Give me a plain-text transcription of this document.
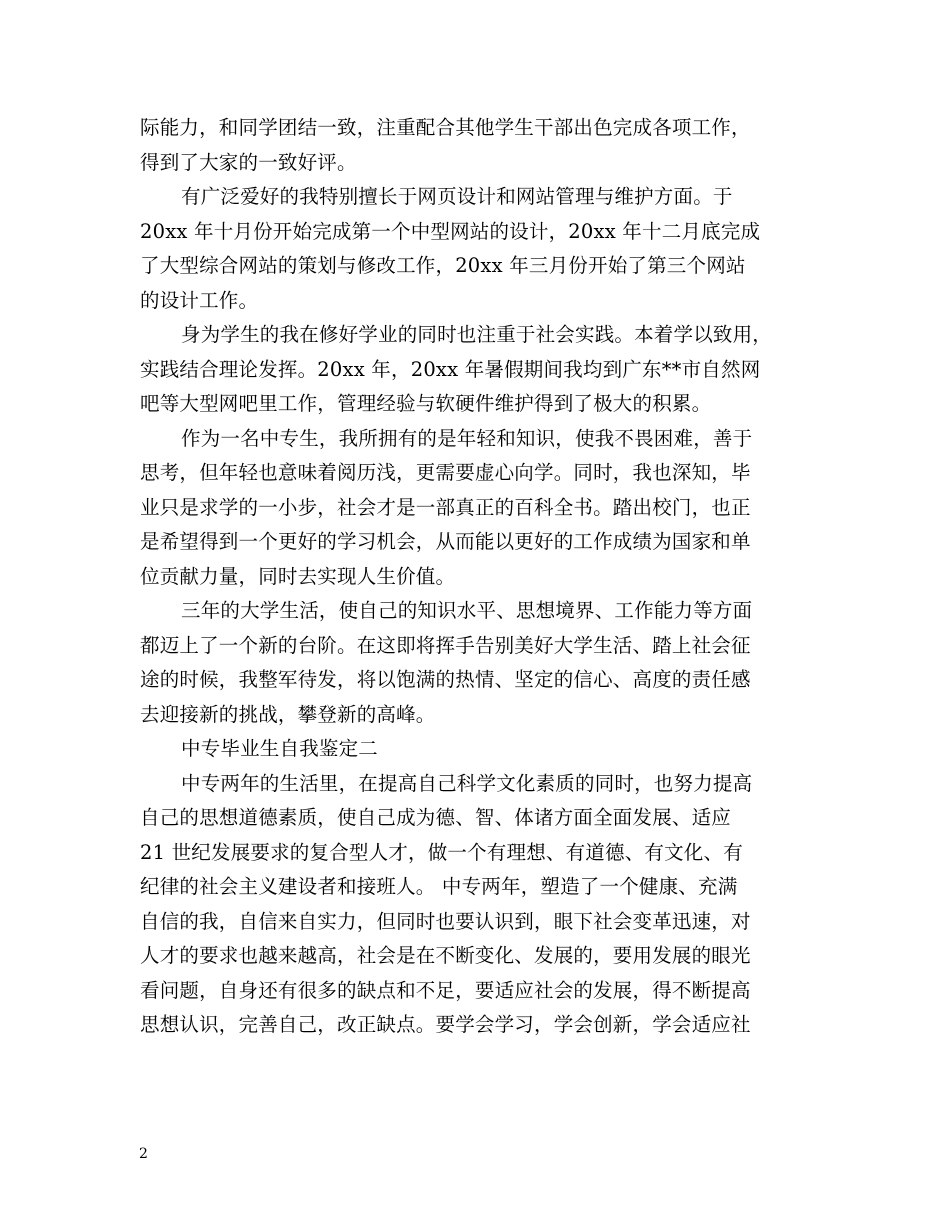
际能力，和同学团结一致，注重配合其他学生干部出色完成各项工作，
得到了大家的一致好评。
有广泛爱好的我特别擅长于网页设计和网站管理与维护方面。于
20xx 年十月份开始完成第一个中型网站的设计，20xx 年十二月底完成
了大型综合网站的策划与修改工作，20xx 年三月份开始了第三个网站
的设计工作。
身为学生的我在修好学业的同时也注重于社会实践。本着学以致用，
实践结合理论发挥。20xx 年，20xx 年暑假期间我均到广东**市自然网
吧等大型网吧里工作，管理经验与软硬件维护得到了极大的积累。
作为一名中专生，我所拥有的是年轻和知识，使我不畏困难，善于
思考，但年轻也意味着阅历浅，更需要虚心向学。同时，我也深知，毕
业只是求学的一小步，社会才是一部真正的百科全书。踏出校门，也正
是希望得到一个更好的学习机会，从而能以更好的工作成绩为国家和单
位贡献力量，同时去实现人生价值。
三年的大学生活，使自己的知识水平、思想境界、工作能力等方面
都迈上了一个新的台阶。在这即将挥手告别美好大学生活、踏上社会征
途的时候，我整军待发，将以饱满的热情、坚定的信心、高度的责任感
去迎接新的挑战，攀登新的高峰。
中专毕业生自我鉴定二
中专两年的生活里，在提高自己科学文化素质的同时，也努力提高
自己的思想道德素质，使自己成为德、智、体诸方面全面发展、适应
21 世纪发展要求的复合型人才，做一个有理想、有道德、有文化、有
纪律的社会主义建设者和接班人。 中专两年，塑造了一个健康、充满
自信的我，自信来自实力，但同时也要认识到，眼下社会变革迅速，对
人才的要求也越来越高，社会是在不断变化、发展的，要用发展的眼光
看问题，自身还有很多的缺点和不足，要适应社会的发展，得不断提高
思想认识，完善自己，改正缺点。要学会学习，学会创新，学会适应社
2
